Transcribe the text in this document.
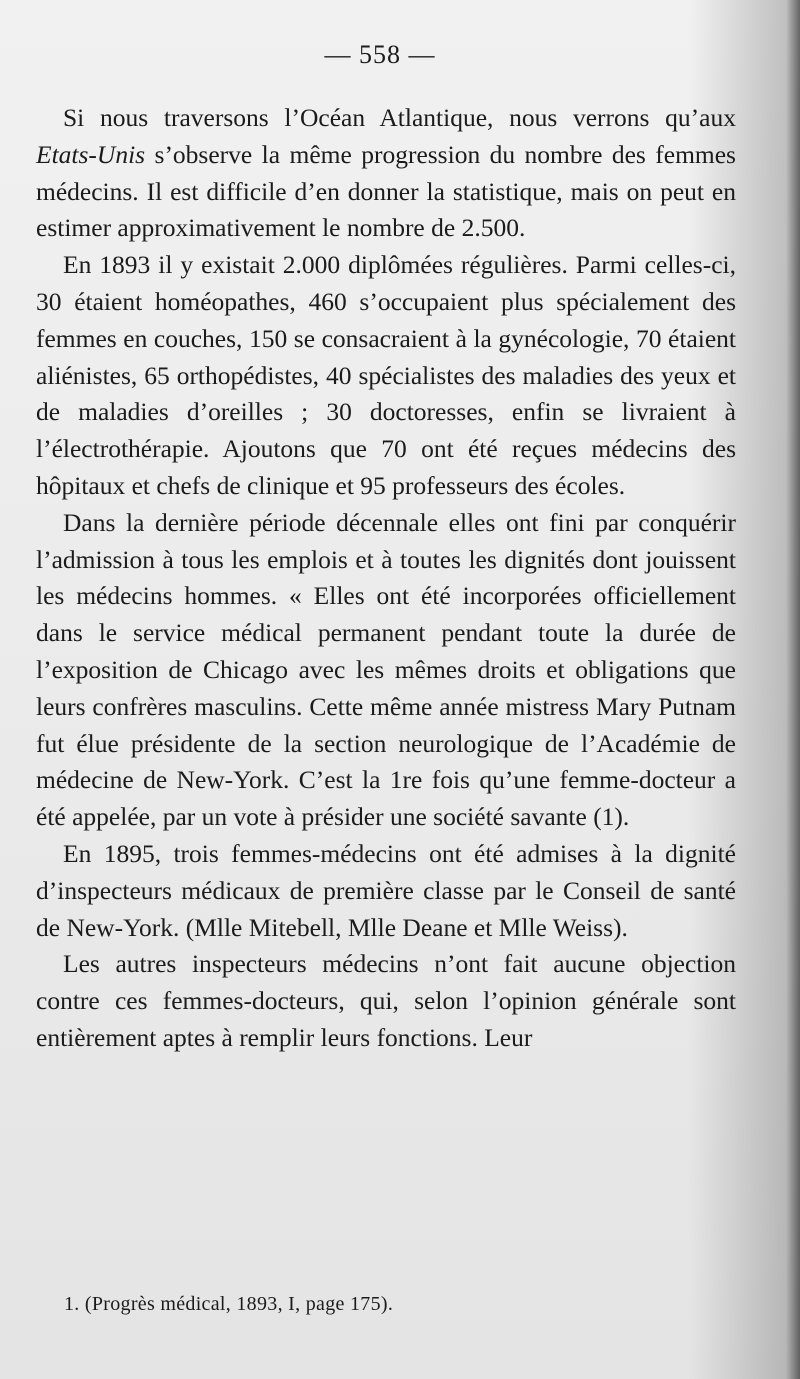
— 558 —

Si nous traversons l’Océan Atlantique, nous verrons qu’aux Etats-Unis s’observe la même progression du nombre des femmes médecins. Il est difficile d’en donner la statistique, mais on peut en estimer approximativement le nombre de 2.500.

En 1893 il y existait 2.000 diplômées régulières. Parmi celles-ci, 30 étaient homéopathes, 460 s’occupaient plus spécialement des femmes en couches, 150 se consacraient à la gynécologie, 70 étaient aliénistes, 65 orthopédistes, 40 spécialistes des maladies des yeux et de maladies d’oreilles ; 30 doctoresses, enfin se livraient à l’électrothérapie. Ajoutons que 70 ont été reçues médecins des hôpitaux et chefs de clinique et 95 professeurs des écoles.

Dans la dernière période décennale elles ont fini par conquérir l’admission à tous les emplois et à toutes les dignités dont jouissent les médecins hommes. « Elles ont été incorporées officiellement dans le service médical permanent pendant toute la durée de l’exposition de Chicago avec les mêmes droits et obligations que leurs confrères masculins. Cette même année mistress Mary Putnam fut élue présidente de la section neurologique de l’Académie de médecine de New-York. C’est la 1re fois qu’une femme-docteur a été appelée, par un vote à présider une société savante (1).

En 1895, trois femmes-médecins ont été admises à la dignité d’inspecteurs médicaux de première classe par le Conseil de santé de New-York. (Mlle Mitebell, Mlle Deane et Mlle Weiss).

Les autres inspecteurs médecins n’ont fait aucune objection contre ces femmes-docteurs, qui, selon l’opinion générale sont entièrement aptes à remplir leurs fonctions. Leur

1. (Progrès médical, 1893, I, page 175).
